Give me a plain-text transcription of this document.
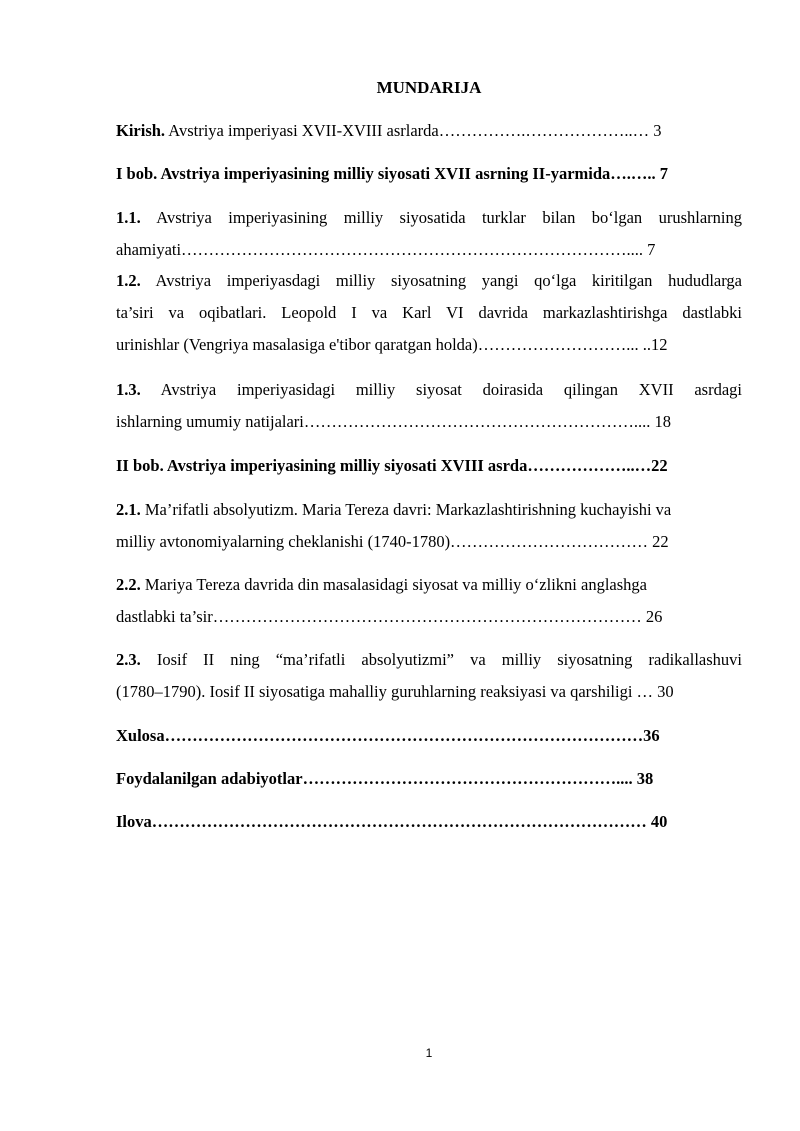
MUNDARIJA
Kirish. Avstriya imperiyasi XVII-XVIII asrlarda…………….………………..… 3
I bob. Avstriya imperiyasining milliy siyosati XVII asrning II-yarmida….….. 7
1.1. Avstriya imperiyasining milliy siyosatida turklar bilan bo‘lgan urushlarning
ahamiyati……………………………………………………………………….... 7
1.2. Avstriya imperiyasdagi milliy siyosatning yangi qo‘lga kiritilgan hududlarga
ta’siri va oqibatlari. Leopold I va Karl VI davrida markazlashtirishga dastlabki
urinishlar (Vengriya masalasiga e'tibor qaratgan holda)………………………... ..12
1.3. Avstriya imperiyasidagi milliy siyosat doirasida qilingan XVII asrdagi
ishlarning umumiy natijalari…………………………………………………….... 18
II bob. Avstriya imperiyasining milliy siyosati XVIII asrda………………..…22
2.1. Ma’rifatli absolyutizm. Maria Tereza davri: Markazlashtirishning kuchayishi va
milliy avtonomiyalarning cheklanishi (1740-1780)……………………………… 22
2.2. Mariya Tereza davrida din masalasidagi siyosat va milliy o‘zlikni anglashga
dastlabki ta’sir…………………………………………………………………… 26
2.3. Iosif II ning “ma’rifatli absolyutizmi” va milliy siyosatning radikallashuvi
(1780–1790). Iosif II siyosatiga mahalliy guruhlarning reaksiyasi va qarshiligi … 30
Xulosa……………………………………………………………………………36
Foydalanilgan adabiyotlar………………………………………………….... 38
Ilova……………………………………………………………………………… 40
1
